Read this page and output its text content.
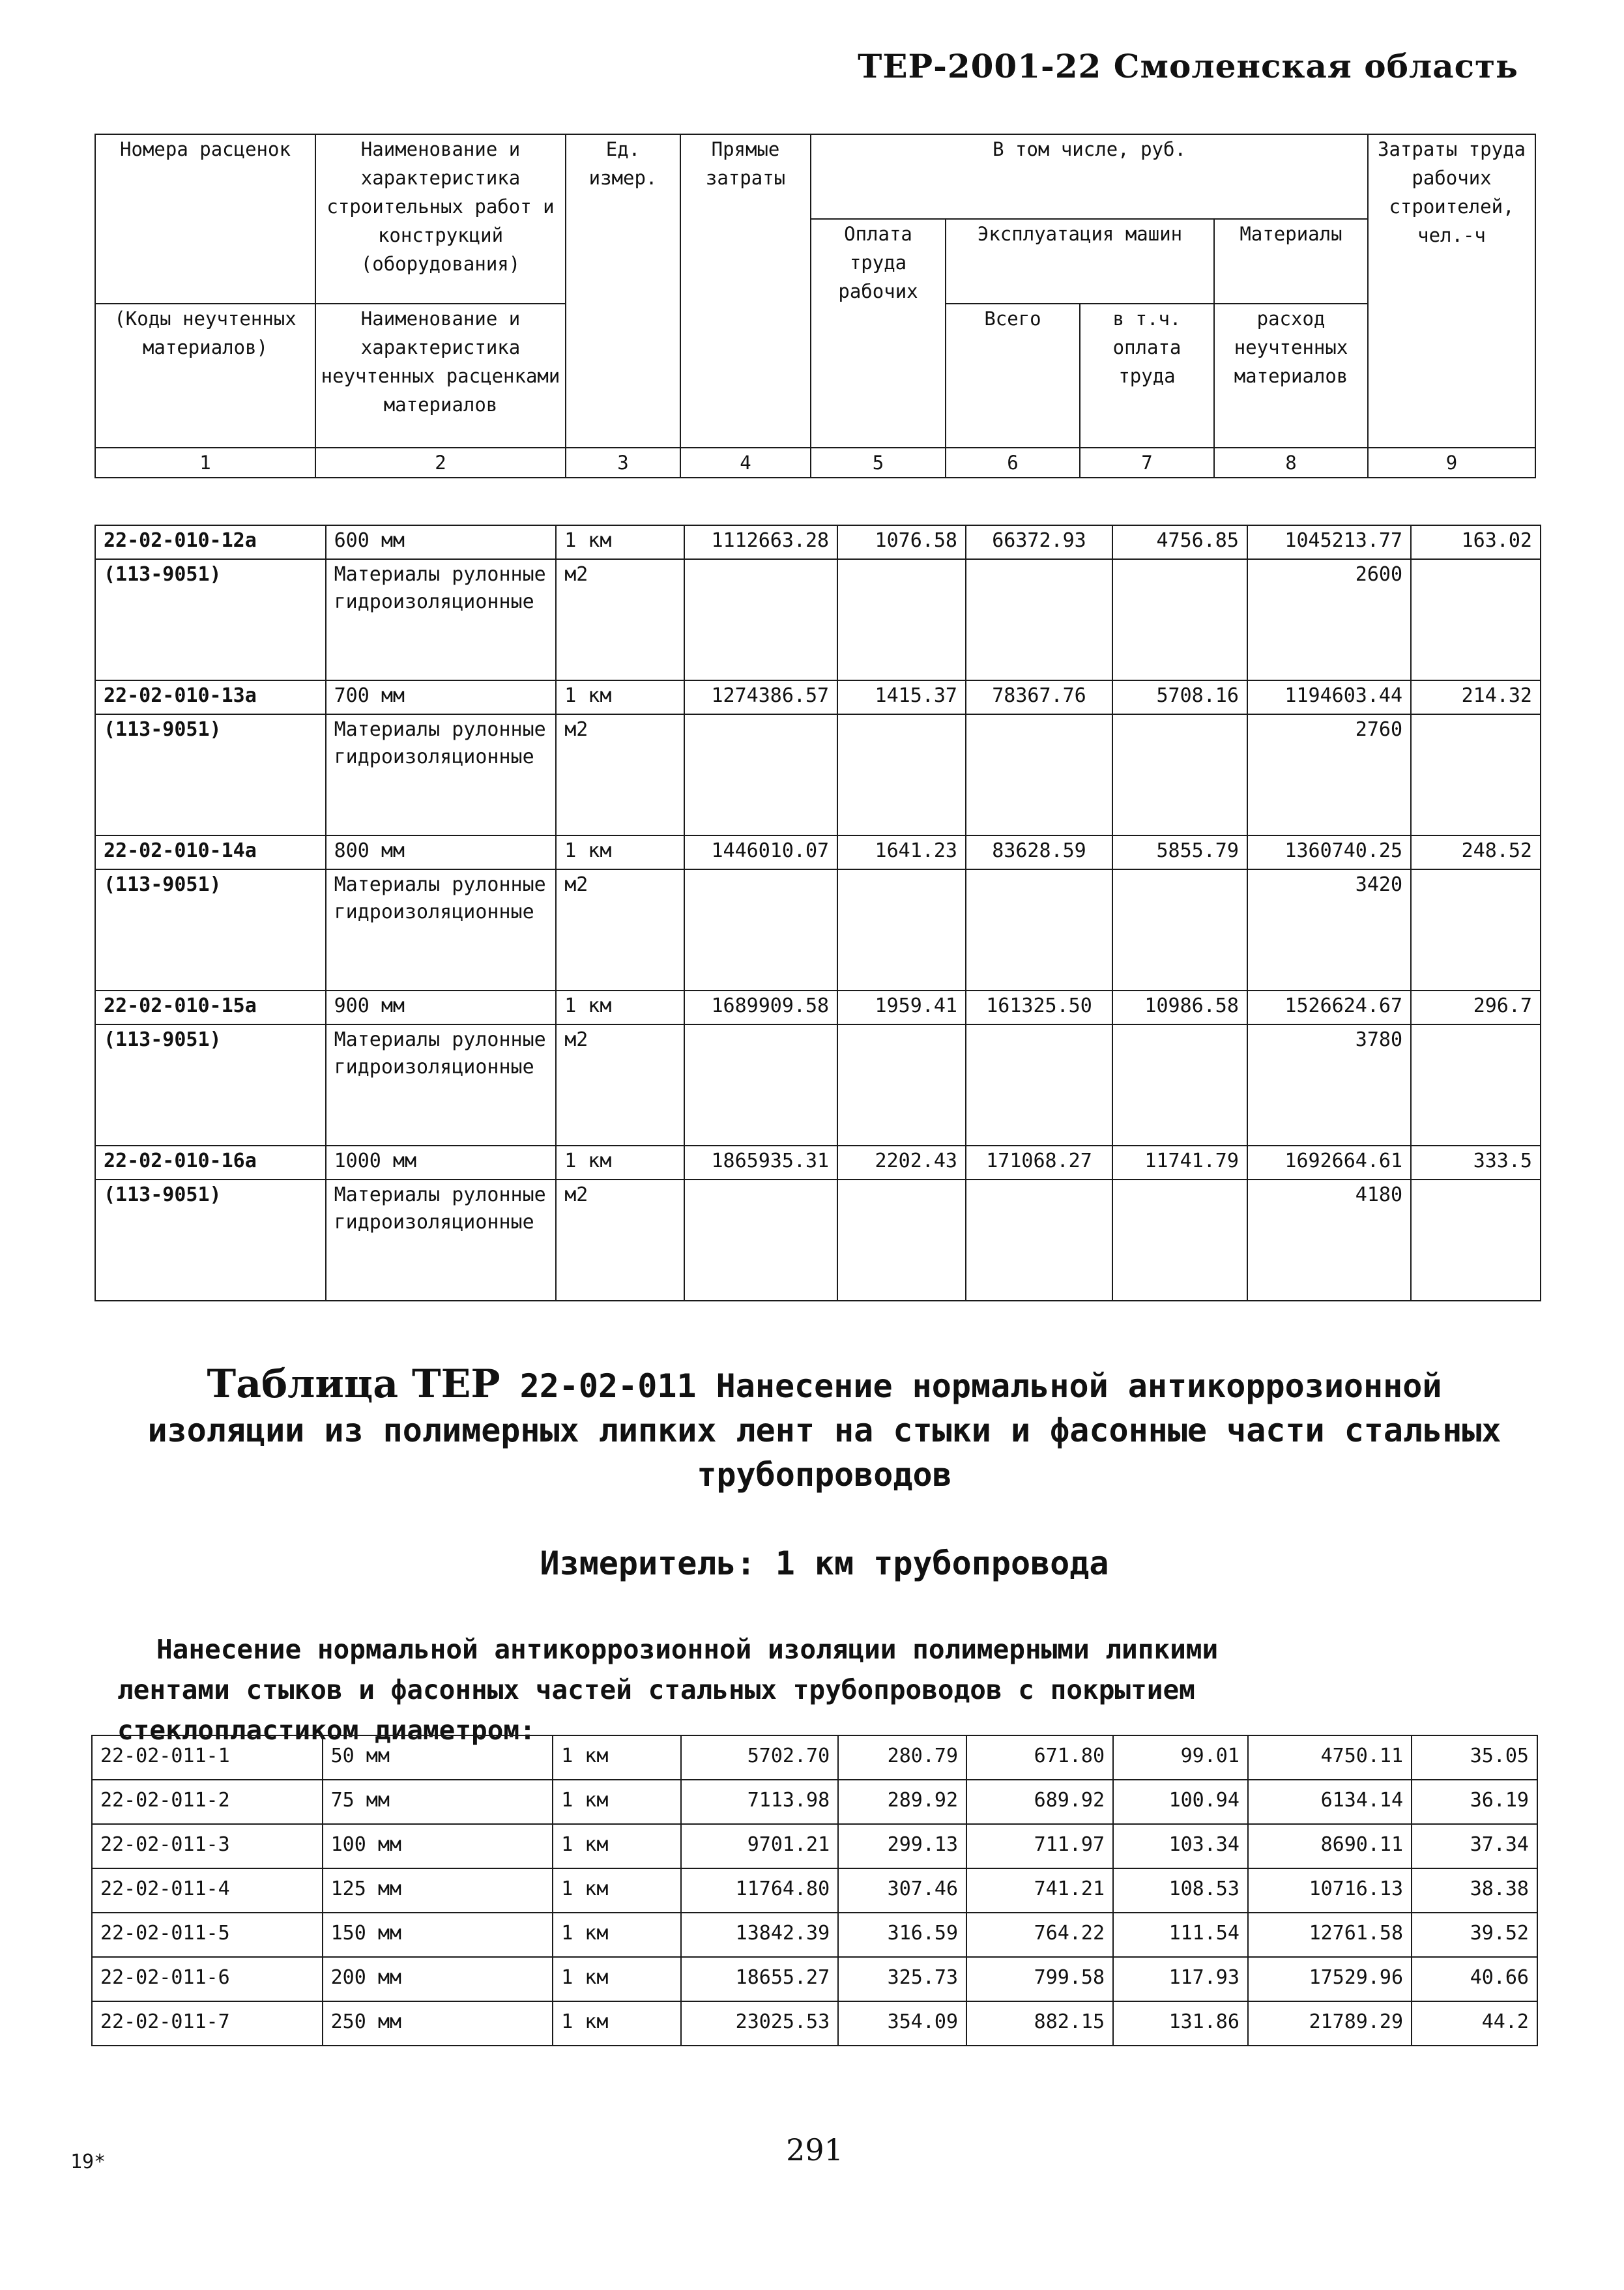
ТЕР-2001-22 Смоленская область
Номера расценок	Наименование и характеристика строительных работ и конструкций (оборудования)	Ед. измер.	Прямые затраты	В том числе, руб.				Затраты труда рабочих строителей, чел.-ч
				Оплата труда рабочих	Эксплуатация машин		Материалы	
(Коды неучтенных материалов)	Наименование и характеристика неучтенных расценками материалов				Всего	в т.ч. оплата труда	расход неучтенных материалов	

1	2	3	4	5	6	7	8	9
22-02-010-12а	600 мм	1 км	1112663.28	1076.58	66372.93	4756.85	1045213.77	163.02
(113-9051)	Материалы рулонные гидроизоляционные	м2					2600	
22-02-010-13а	700 мм	1 км	1274386.57	1415.37	78367.76	5708.16	1194603.44	214.32
(113-9051)	Материалы рулонные гидроизоляционные	м2					2760	
22-02-010-14а	800 мм	1 км	1446010.07	1641.23	83628.59	5855.79	1360740.25	248.52
(113-9051)	Материалы рулонные гидроизоляционные	м2					3420	
22-02-010-15а	900 мм	1 км	1689909.58	1959.41	161325.50	10986.58	1526624.67	296.7
(113-9051)	Материалы рулонные гидроизоляционные	м2					3780	
22-02-010-16а	1000 мм	1 км	1865935.31	2202.43	171068.27	11741.79	1692664.61	333.5
(113-9051)	Материалы рулонные гидроизоляционные	м2					4180	
Таблица ТЕР 22-02-011 Нанесение нормальной антикоррозионной изоляции из полимерных липких лент на стыки и фасонные части стальных трубопроводов
Измеритель: 1 км трубопровода
Нанесение нормальной антикоррозионной изоляции полимерными липкими
лентами стыков и фасонных частей стальных трубопроводов с покрытием
стеклопластиком диаметром:
22-02-011-1	50 мм	1 км	5702.70	280.79	671.80	99.01	4750.11	35.05
22-02-011-2	75 мм	1 км	7113.98	289.92	689.92	100.94	6134.14	36.19
22-02-011-3	100 мм	1 км	9701.21	299.13	711.97	103.34	8690.11	37.34
22-02-011-4	125 мм	1 км	11764.80	307.46	741.21	108.53	10716.13	38.38
22-02-011-5	150 мм	1 км	13842.39	316.59	764.22	111.54	12761.58	39.52
22-02-011-6	200 мм	1 км	18655.27	325.73	799.58	117.93	17529.96	40.66
22-02-011-7	250 мм	1 км	23025.53	354.09	882.15	131.86	21789.29	44.2
19*	291
